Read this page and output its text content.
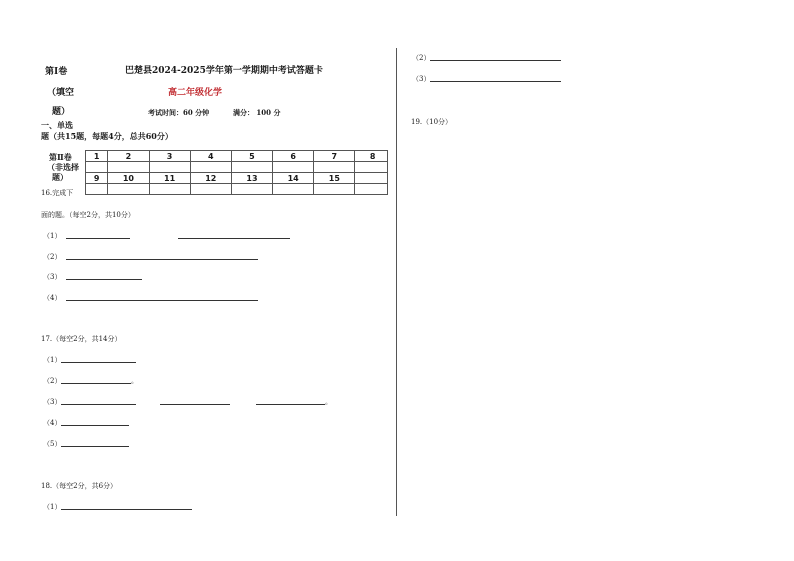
第Ⅰ卷
（填空
题）
巴楚县2024-2025学年第一学期期中考试答题卡
高二年级化学
考试时间：60 分钟	满分： 100 分
一、单选
题（共15题，每题4分，总共60分）
第Ⅱ卷
（非选择
题）
1	2	3	4	5	6	7	8

9	10	11	12	13	14	15	

16.完成下
面的题。（每空2分，共10分）
（1）
（2）
（3）
（4）
17.（每空2分，共14分）
（1）
（2）	。
（3）	。
（4）
（5）
18.（每空2分，共6分）
（1）
（2）
（3）
19.（10分）
